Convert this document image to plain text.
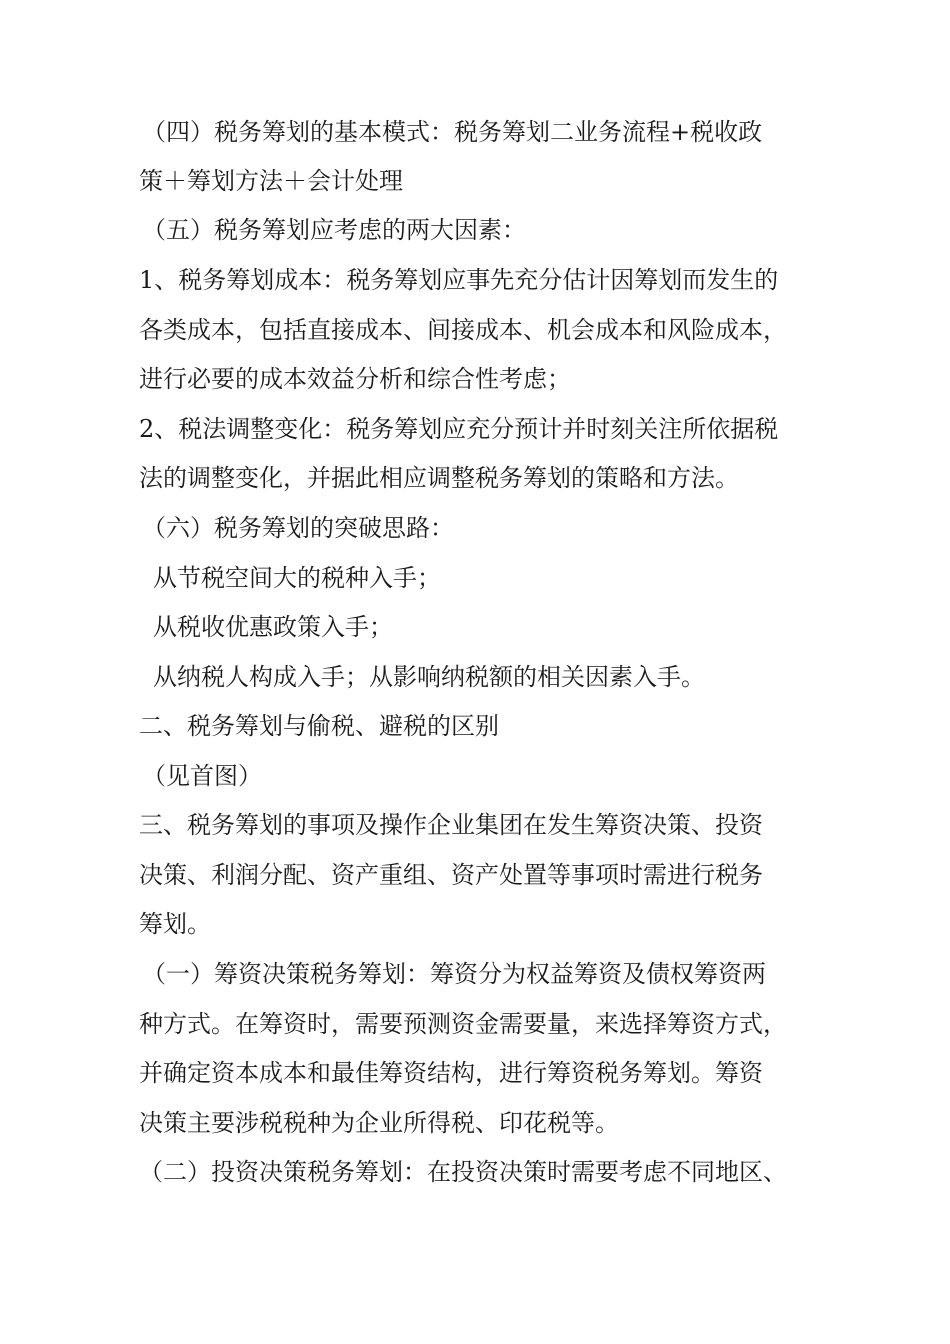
（四）税务筹划的基本模式：税务筹划二业务流程+税收政
策＋筹划方法＋会计处理
（五）税务筹划应考虑的两大因素：
1、税务筹划成本：税务筹划应事先充分估计因筹划而发生的
各类成本，包括直接成本、间接成本、机会成本和风险成本，
进行必要的成本效益分析和综合性考虑；
2、税法调整变化：税务筹划应充分预计并时刻关注所依据税
法的调整变化，并据此相应调整税务筹划的策略和方法。
（六）税务筹划的突破思路：
从节税空间大的税种入手；
从税收优惠政策入手；
从纳税人构成入手；从影响纳税额的相关因素入手。
二、税务筹划与偷税、避税的区别
（见首图）
三、税务筹划的事项及操作企业集团在发生筹资决策、投资
决策、利润分配、资产重组、资产处置等事项时需进行税务
筹划。
（一）筹资决策税务筹划：筹资分为权益筹资及债权筹资两
种方式。在筹资时，需要预测资金需要量，来选择筹资方式，
并确定资本成本和最佳筹资结构，进行筹资税务筹划。筹资
决策主要涉税税种为企业所得税、印花税等。
（二）投资决策税务筹划：在投资决策时需要考虑不同地区、
